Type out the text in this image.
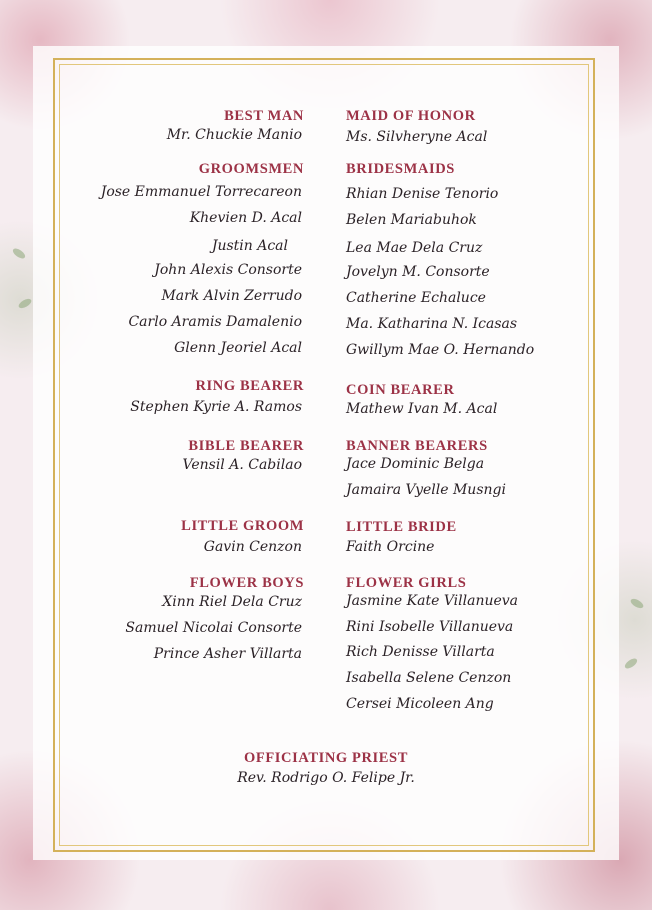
BEST MAN
Mr. Chuckie Manio
GROOMSMEN
Jose Emmanuel Torrecareon
Khevien D. Acal
Justin Acal
John Alexis Consorte
Mark Alvin Zerrudo
Carlo Aramis Damalenio
Glenn Jeoriel Acal
RING BEARER
Stephen Kyrie A. Ramos
BIBLE BEARER
Vensil A. Cabilao
LITTLE GROOM
Gavin Cenzon
FLOWER BOYS
Xinn Riel Dela Cruz
Samuel Nicolai Consorte
Prince Asher Villarta
MAID OF HONOR
Ms. Silvheryne Acal
BRIDESMAIDS
Rhian Denise Tenorio
Belen Mariabuhok
Lea Mae Dela Cruz
Jovelyn M. Consorte
Catherine Echaluce
Ma. Katharina N. Icasas
Gwillym Mae O. Hernando
COIN BEARER
Mathew Ivan M. Acal
BANNER BEARERS
Jace Dominic Belga
Jamaira Vyelle Musngi
LITTLE BRIDE
Faith Orcine
FLOWER GIRLS
Jasmine Kate Villanueva
Rini Isobelle Villanueva
Rich Denisse Villarta
Isabella Selene Cenzon
Cersei Micoleen Ang
OFFICIATING PRIEST
Rev. Rodrigo O. Felipe Jr.
